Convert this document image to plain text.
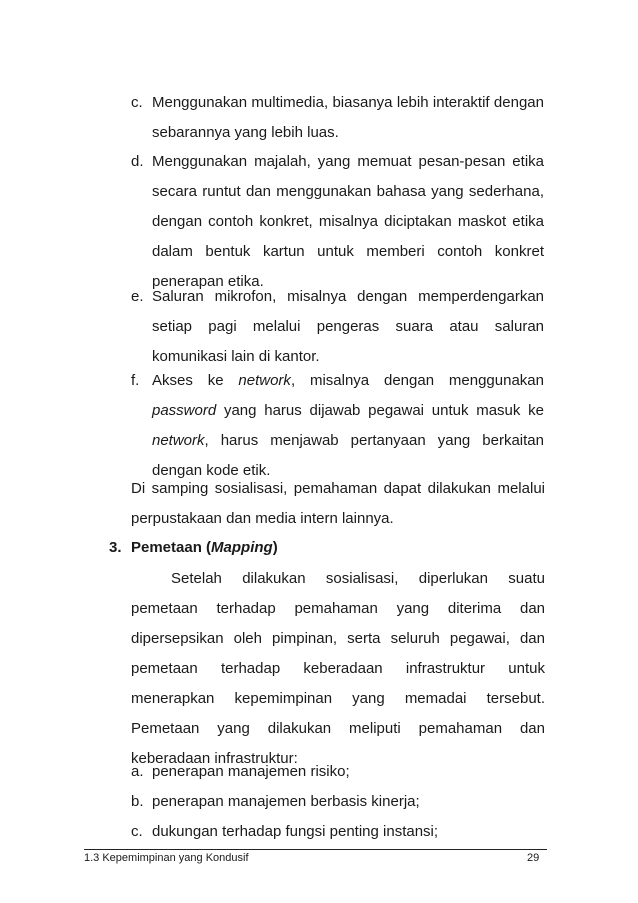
c. Menggunakan multimedia, biasanya lebih interaktif dengan sebarannya yang lebih luas.
d. Menggunakan majalah, yang memuat pesan-pesan etika secara runtut dan menggunakan bahasa yang sederhana, dengan contoh konkret, misalnya diciptakan maskot etika dalam bentuk kartun untuk memberi contoh konkret penerapan etika.
e. Saluran mikrofon, misalnya dengan memperdengarkan setiap pagi melalui pengeras suara atau saluran komunikasi lain di kantor.
f. Akses ke network, misalnya dengan menggunakan password yang harus dijawab pegawai untuk masuk ke network, harus menjawab pertanyaan yang berkaitan dengan kode etik.
Di samping sosialisasi, pemahaman dapat dilakukan melalui perpustakaan dan media intern lainnya.
3. Pemetaan (Mapping)
Setelah dilakukan sosialisasi, diperlukan suatu pemetaan terhadap pemahaman yang diterima dan dipersepsikan oleh pimpinan, serta seluruh pegawai, dan pemetaan terhadap keberadaan infrastruktur untuk menerapkan kepemimpinan yang memadai tersebut. Pemetaan yang dilakukan meliputi pemahaman dan keberadaan infrastruktur:
a. penerapan manajemen risiko;
b. penerapan manajemen berbasis kinerja;
c. dukungan terhadap fungsi penting instansi;
1.3 Kepemimpinan yang Kondusif	29
